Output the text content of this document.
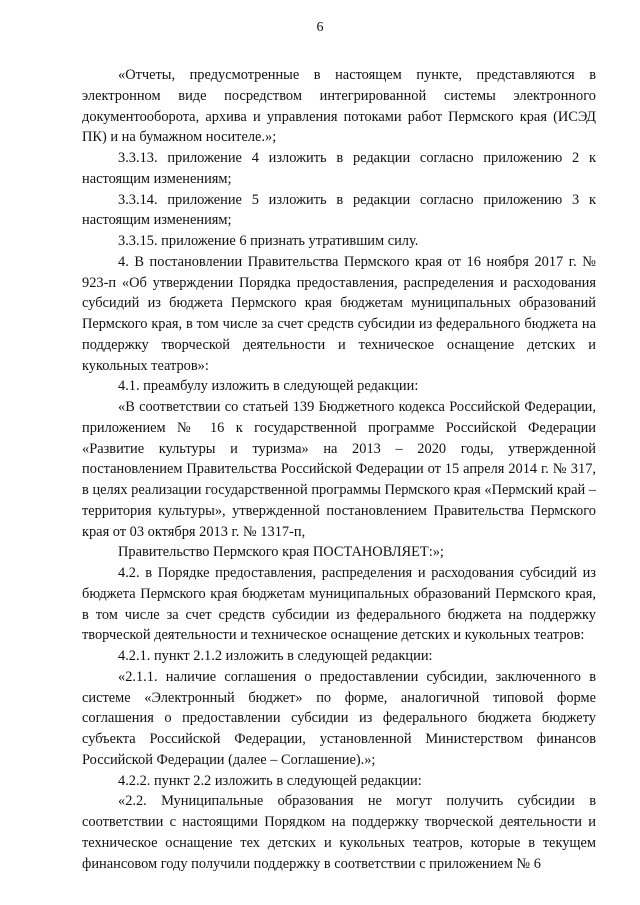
6

«Отчеты, предусмотренные в настоящем пункте, представляются в электронном виде посредством интегрированной системы электронного документооборота, архива и управления потоками работ Пермского края (ИСЭД ПК) и на бумажном носителе.»;

3.3.13. приложение 4 изложить в редакции согласно приложению 2 к настоящим изменениям;

3.3.14. приложение 5 изложить в редакции согласно приложению 3 к настоящим изменениям;

3.3.15. приложение 6 признать утратившим силу.

4. В постановлении Правительства Пермского края от 16 ноября 2017 г. № 923-п «Об утверждении Порядка предоставления, распределения и расходования субсидий из бюджета Пермского края бюджетам муниципальных образований Пермского края, в том числе за счет средств субсидии из федерального бюджета на поддержку творческой деятельности и техническое оснащение детских и кукольных театров»:

4.1. преамбулу изложить в следующей редакции:

«В соответствии со статьей 139 Бюджетного кодекса Российской Федерации, приложением № 16 к государственной программе Российской Федерации «Развитие культуры и туризма» на 2013 – 2020 годы, утвержденной постановлением Правительства Российской Федерации от 15 апреля 2014 г. № 317, в целях реализации государственной программы Пермского края «Пермский край – территория культуры», утвержденной постановлением Правительства Пермского края от 03 октября 2013 г. № 1317-п,

Правительство Пермского края ПОСТАНОВЛЯЕТ:»;

4.2. в Порядке предоставления, распределения и расходования субсидий из бюджета Пермского края бюджетам муниципальных образований Пермского края, в том числе за счет средств субсидии из федерального бюджета на поддержку творческой деятельности и техническое оснащение детских и кукольных театров:

4.2.1. пункт 2.1.2 изложить в следующей редакции:

«2.1.1. наличие соглашения о предоставлении субсидии, заключенного в системе «Электронный бюджет» по форме, аналогичной типовой форме соглашения о предоставлении субсидии из федерального бюджета бюджету субъекта Российской Федерации, установленной Министерством финансов Российской Федерации (далее – Соглашение).»;

4.2.2. пункт 2.2 изложить в следующей редакции:

«2.2. Муниципальные образования не могут получить субсидии в соответствии с настоящими Порядком на поддержку творческой деятельности и техническое оснащение тех детских и кукольных театров, которые в текущем финансовом году получили поддержку в соответствии с приложением № 6
